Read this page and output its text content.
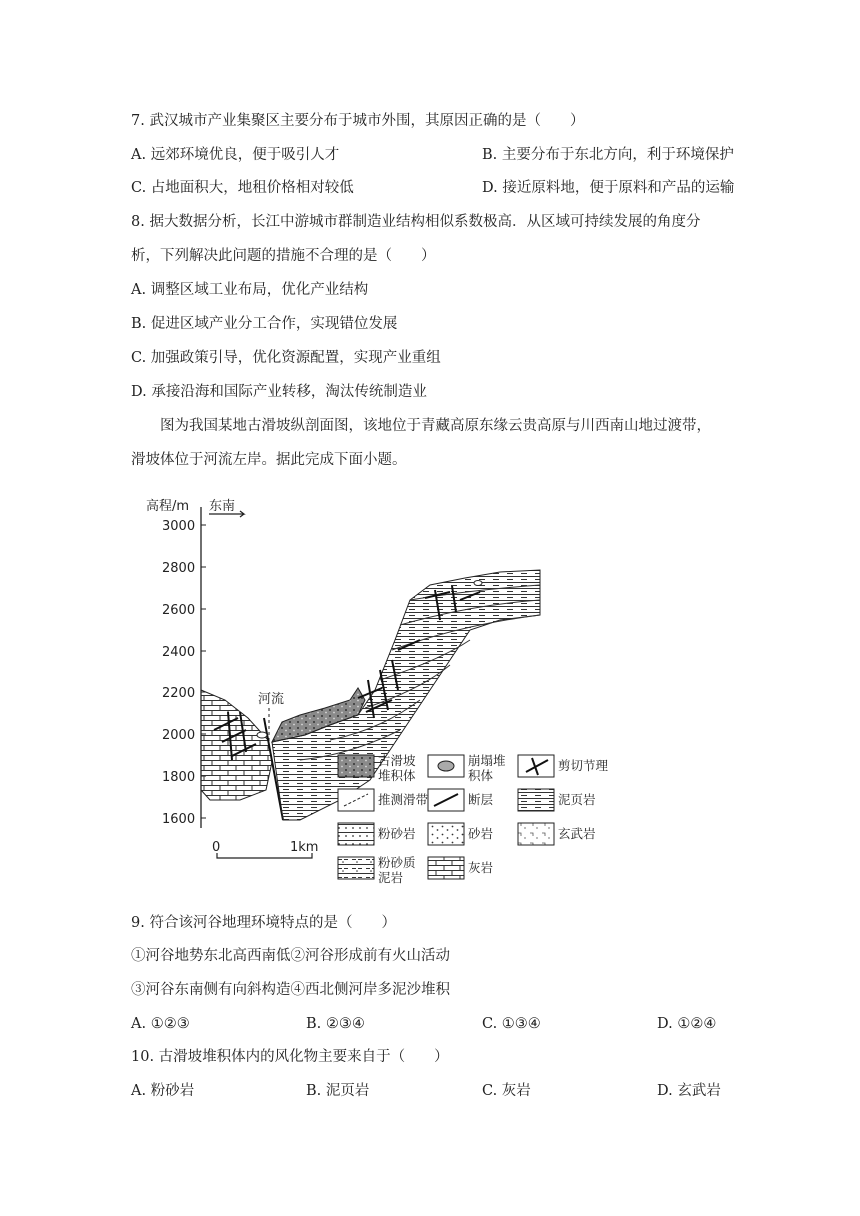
7. 武汉城市产业集聚区主要分布于城市外围，其原因正确的是（　　）
A. 远郊环境优良，便于吸引人才	B. 主要分布于东北方向，利于环境保护
C. 占地面积大，地租价格相对较低	D. 接近原料地，便于原料和产品的运输
8. 据大数据分析，长江中游城市群制造业结构相似系数极高．从区域可持续发展的角度分
析，下列解决此问题的措施不合理的是（　　）
A. 调整区域工业布局，优化产业结构
B. 促进区域产业分工合作，实现错位发展
C. 加强政策引导，优化资源配置，实现产业重组
D. 承接沿海和国际产业转移，淘汰传统制造业
图为我国某地古滑坡纵剖面图，该地位于青藏高原东缘云贵高原与川西南山地过渡带，
滑坡体位于河流左岸。据此完成下面小题。
高程/m 东南
3000
2800
2600
2400
2200
2000
1800
1600
河流
0	1km
古滑坡
堆积体
崩塌堆
积体
剪切节理
推测滑带	断层	泥页岩
粉砂岩	砂岩	玄武岩
粉砂质
泥岩
灰岩
9. 符合该河谷地理环境特点的是（　　）
①河谷地势东北高西南低②河谷形成前有火山活动
③河谷东南侧有向斜构造④西北侧河岸多泥沙堆积
A. ①②③	B. ②③④	C. ①③④	D. ①②④
10. 古滑坡堆积体内的风化物主要来自于（　　）
A. 粉砂岩	B. 泥页岩	C. 灰岩	D. 玄武岩
